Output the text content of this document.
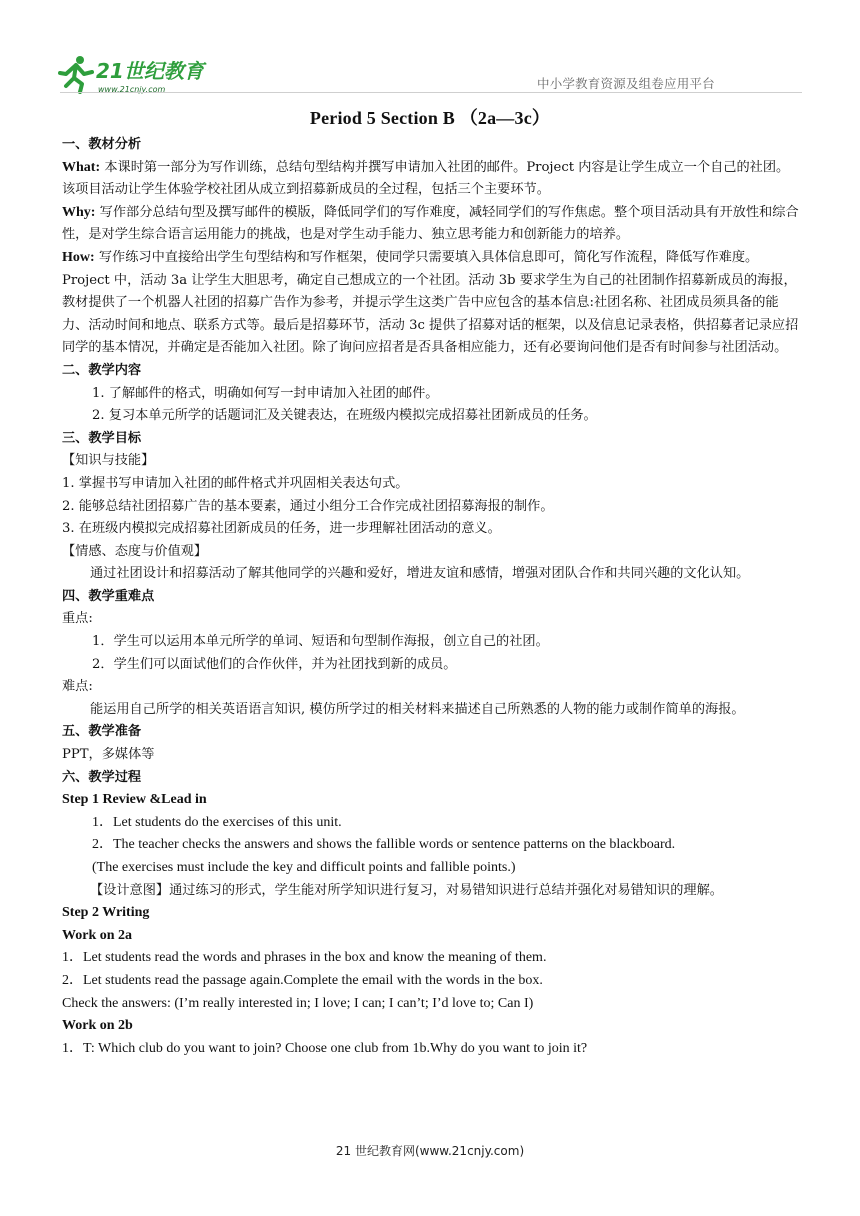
21世纪教育
www.21cnjy.com	中小学教育资源及组卷应用平台
Period 5 Section B （2a—3c）

一、教材分析

What: 本课时第一部分为写作训练，总结句型结构并撰写申请加入社团的邮件。Project 内容是让学生成立一个自己的社团。该项目活动让学生体验学校社团从成立到招募新成员的全过程，包括三个主要环节。

Why: 写作部分总结句型及撰写邮件的模版，降低同学们的写作难度，减轻同学们的写作焦虑。整个项目活动具有开放性和综合性，是对学生综合语言运用能力的挑战，也是对学生动手能力、独立思考能力和创新能力的培养。

How: 写作练习中直接给出学生句型结构和写作框架，使同学只需要填入具体信息即可，简化写作流程，降低写作难度。Project 中，活动 3a 让学生大胆思考，确定自己想成立的一个社团。活动 3b 要求学生为自己的社团制作招募新成员的海报，教材提供了一个机器人社团的招募广告作为参考，并提示学生这类广告中应包含的基本信息:社团名称、社团成员须具备的能力、活动时间和地点、联系方式等。最后是招募环节，活动 3c 提供了招募对话的框架，以及信息记录表格，供招募者记录应招同学的基本情况，并确定是否能加入社团。除了询问应招者是否具备相应能力，还有必要询问他们是否有时间参与社团活动。

二、教学内容

1. 了解邮件的格式，明确如何写一封申请加入社团的邮件。

2. 复习本单元所学的话题词汇及关键表达，在班级内模拟完成招募社团新成员的任务。

三、教学目标

【知识与技能】

1. 掌握书写申请加入社团的邮件格式并巩固相关表达句式。

2. 能够总结社团招募广告的基本要素，通过小组分工合作完成社团招募海报的制作。

3. 在班级内模拟完成招募社团新成员的任务，进一步理解社团活动的意义。

【情感、态度与价值观】

通过社团设计和招募活动了解其他同学的兴趣和爱好，增进友谊和感情，增强对团队合作和共同兴趣的文化认知。

四、教学重难点

重点:

1．学生可以运用本单元所学的单词、短语和句型制作海报，创立自己的社团。

2．学生们可以面试他们的合作伙伴，并为社团找到新的成员。

难点:

能运用自己所学的相关英语语言知识, 模仿所学过的相关材料来描述自己所熟悉的人物的能力或制作简单的海报。

五、教学准备

PPT，多媒体等

六、教学过程

Step 1 Review &Lead in

1．Let students do the exercises of this unit.

2．The teacher checks the answers and shows the fallible words or sentence patterns on the blackboard.

(The exercises must include the key and difficult points and fallible points.)

【设计意图】通过练习的形式，学生能对所学知识进行复习，对易错知识进行总结并强化对易错知识的理解。

Step 2 Writing

Work on 2a

1．Let students read the words and phrases in the box and know the meaning of them.

2．Let students read the passage again.Complete the email with the words in the box.

Check the answers: (I’m really interested in; I love; I can; I can’t; I’d love to; Can I)

Work on 2b

1．T: Which club do you want to join? Choose one club from 1b.Why do you want to join it?

21 世纪教育网(www.21cnjy.com)
